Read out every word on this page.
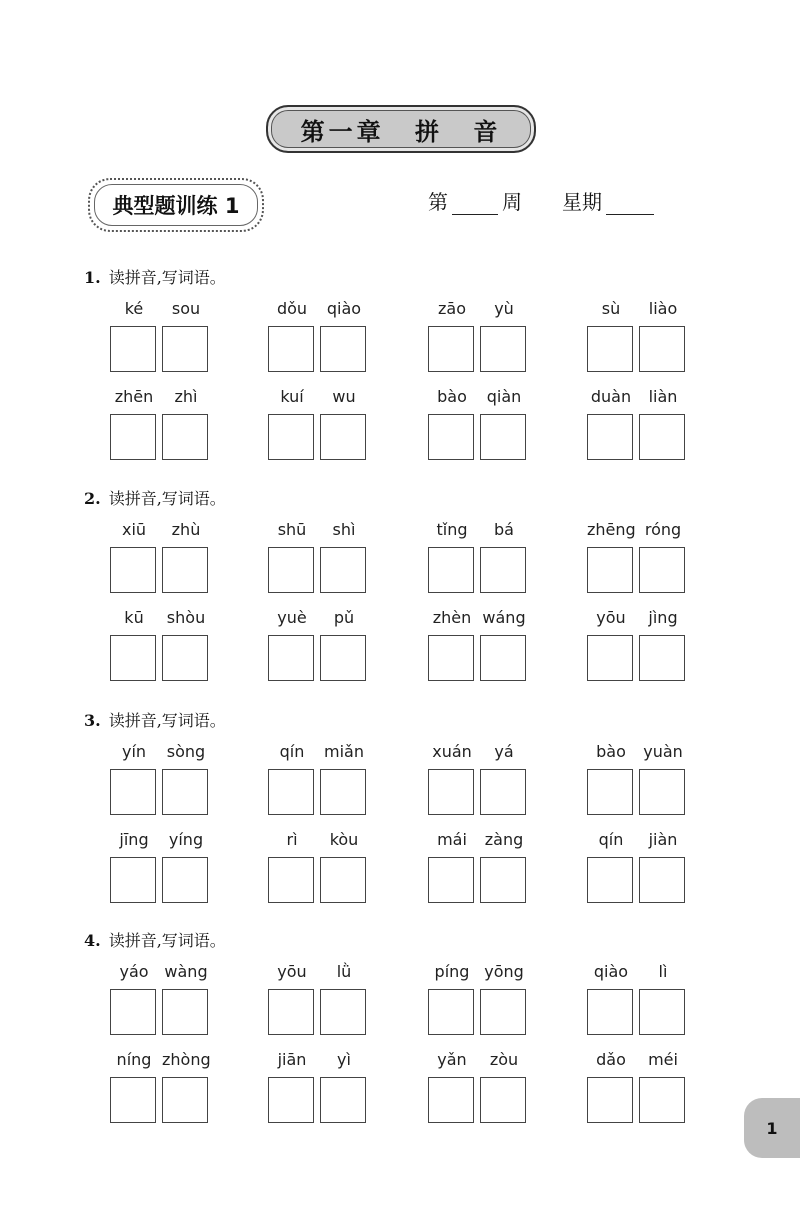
第一章 拼 音
典型题训练 1	第	周 星期
1. 读拼音,写词语。
ké	sou	dǒu	qiào	zāo	yù	sù	liào
zhēn	zhì	kuí	wu	bào	qiàn	duàn	liàn
2. 读拼音,写词语。
xiū	zhù	shū	shì	tǐng	bá	zhēng róng
kū	shòu	yuè	pǔ	zhèn wáng	yōu	jìng
3. 读拼音,写词语。
yín	sòng	qín	miǎn	xuán	yá	bào	yuàn
jīng	yíng	rì	kòu	mái	zàng	qín	jiàn
4. 读拼音,写词语。
yáo wàng	yōu	lǜ	píng yōng	qiào	lì
níng zhòng	jiān	yì	yǎn	zòu	dǎo	méi
1
